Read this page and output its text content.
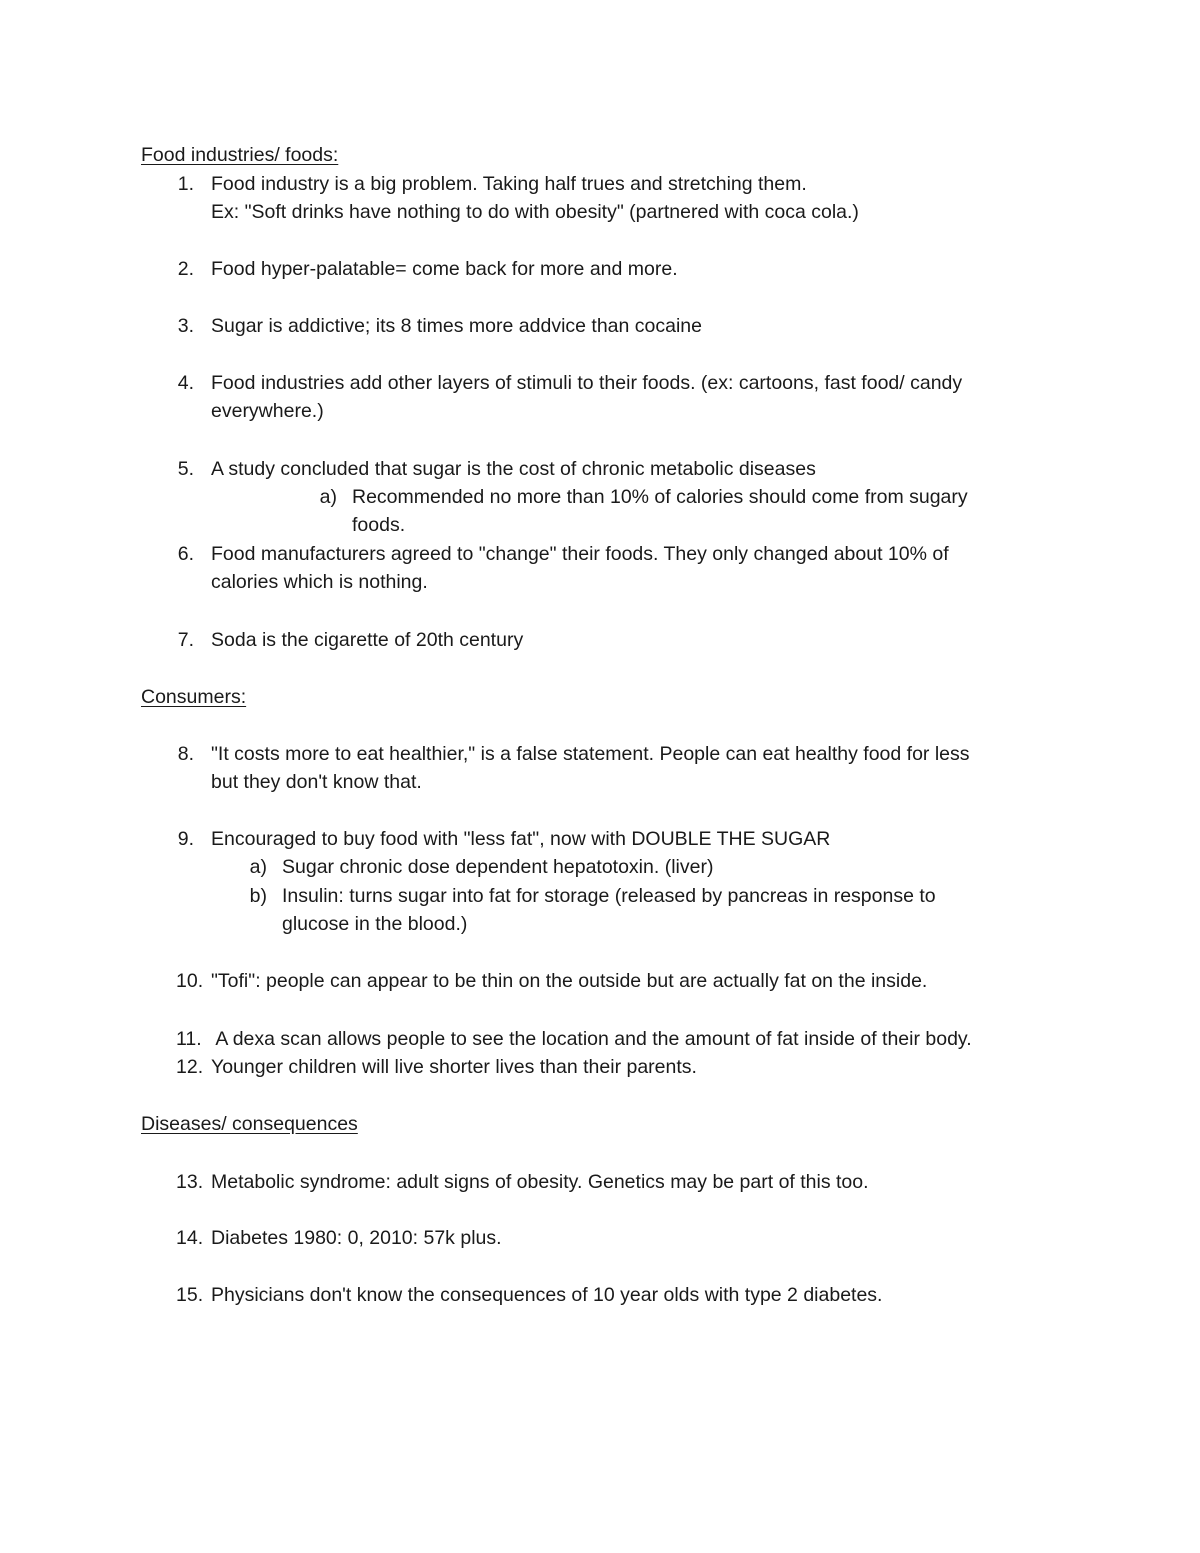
Food industries/ foods:
1. Food industry is a big problem. Taking half trues and stretching them.
Ex: "Soft drinks have nothing to do with obesity" (partnered with coca cola.)
2. Food hyper-palatable= come back for more and more.
3. Sugar is addictive; its 8 times more addvice than cocaine
4. Food industries add other layers of stimuli to their foods. (ex: cartoons, fast food/ candy
everywhere.)
5. A study concluded that sugar is the cost of chronic metabolic diseases
a) Recommended no more than 10% of calories should come from sugary
foods.
6. Food manufacturers agreed to "change" their foods. They only changed about 10% of
calories which is nothing.
7. Soda is the cigarette of 20th century
Consumers:
8. "It costs more to eat healthier," is a false statement. People can eat healthy food for less
but they don't know that.
9. Encouraged to buy food with "less fat", now with DOUBLE THE SUGAR
a) Sugar chronic dose dependent hepatotoxin. (liver)
b) Insulin: turns sugar into fat for storage (released by pancreas in response to
glucose in the blood.)
10. "Tofi": people can appear to be thin on the outside but are actually fat on the inside.
11. A dexa scan allows people to see the location and the amount of fat inside of their body.
12. Younger children will live shorter lives than their parents.
Diseases/ consequences
13. Metabolic syndrome: adult signs of obesity. Genetics may be part of this too.
14. Diabetes 1980: 0, 2010: 57k plus.
15. Physicians don't know the consequences of 10 year olds with type 2 diabetes.
